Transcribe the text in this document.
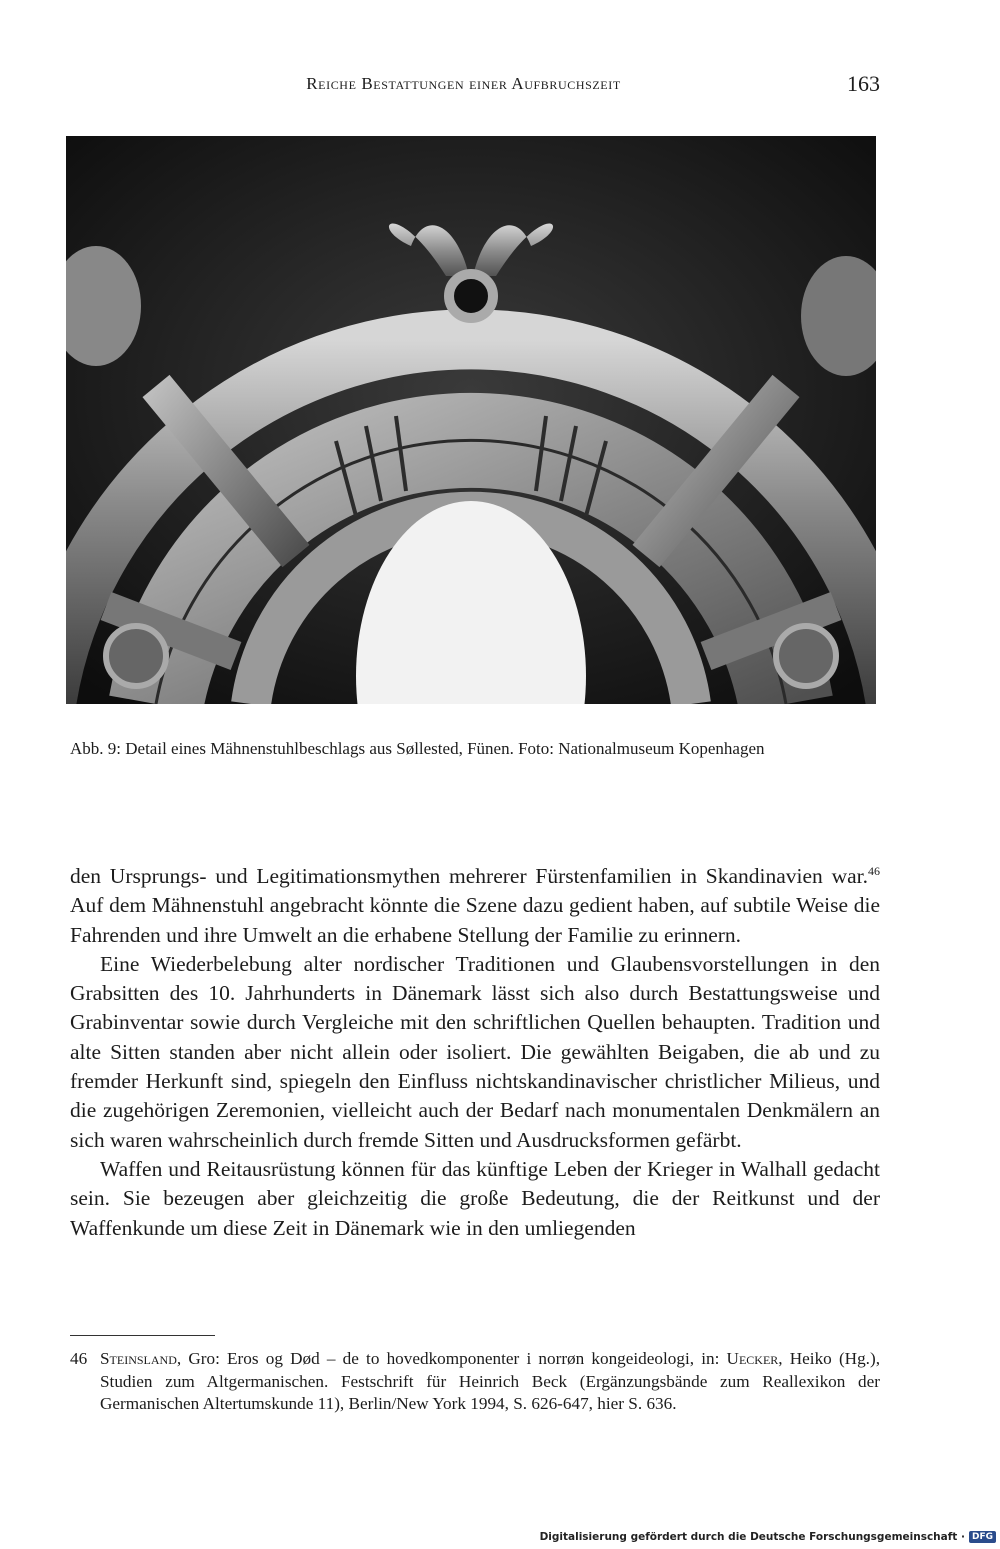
Reiche Bestattungen einer Aufbruchszeit	163
Abb. 9: Detail eines Mähnenstuhlbeschlags aus Søllested, Fünen. Foto: Nationalmuseum Kopenhagen

den Ursprungs- und Legitimationsmythen mehrerer Fürstenfamilien in Skandinavien war.$^{46}$ Auf dem Mähnenstuhl angebracht könnte die Szene dazu gedient haben, auf subtile Weise die Fahrenden und ihre Umwelt an die erhabene Stellung der Familie zu erinnern.

Eine Wiederbelebung alter nordischer Traditionen und Glaubensvorstellungen in den Grabsitten des 10. Jahrhunderts in Dänemark lässt sich also durch Bestattungsweise und Grabinventar sowie durch Vergleiche mit den schriftlichen Quellen behaupten. Tradition und alte Sitten standen aber nicht allein oder isoliert. Die gewählten Beigaben, die ab und zu fremder Herkunft sind, spiegeln den Einfluss nichtskandinavischer christlicher Milieus, und die zugehörigen Zeremonien, vielleicht auch der Bedarf nach monumentalen Denkmälern an sich waren wahrscheinlich durch fremde Sitten und Ausdrucksformen gefärbt.

Waffen und Reitausrüstung können für das künftige Leben der Krieger in Walhall gedacht sein. Sie bezeugen aber gleichzeitig die große Bedeutung, die der Reitkunst und der Waffenkunde um diese Zeit in Dänemark wie in den umliegenden

46 Steinsland, Gro: Eros og Død – de to hovedkomponenter i norrøn kongeideologi, in: Uecker, Heiko (Hg.), Studien zum Altgermanischen. Festschrift für Heinrich Beck (Ergänzungsbände zum Reallexikon der Germanischen Altertumskunde 11), Berlin/New York 1994, S. 626-647, hier S. 636.
Digitalisierung gefördert durch die Deutsche Forschungsgemeinschaft · DFG
